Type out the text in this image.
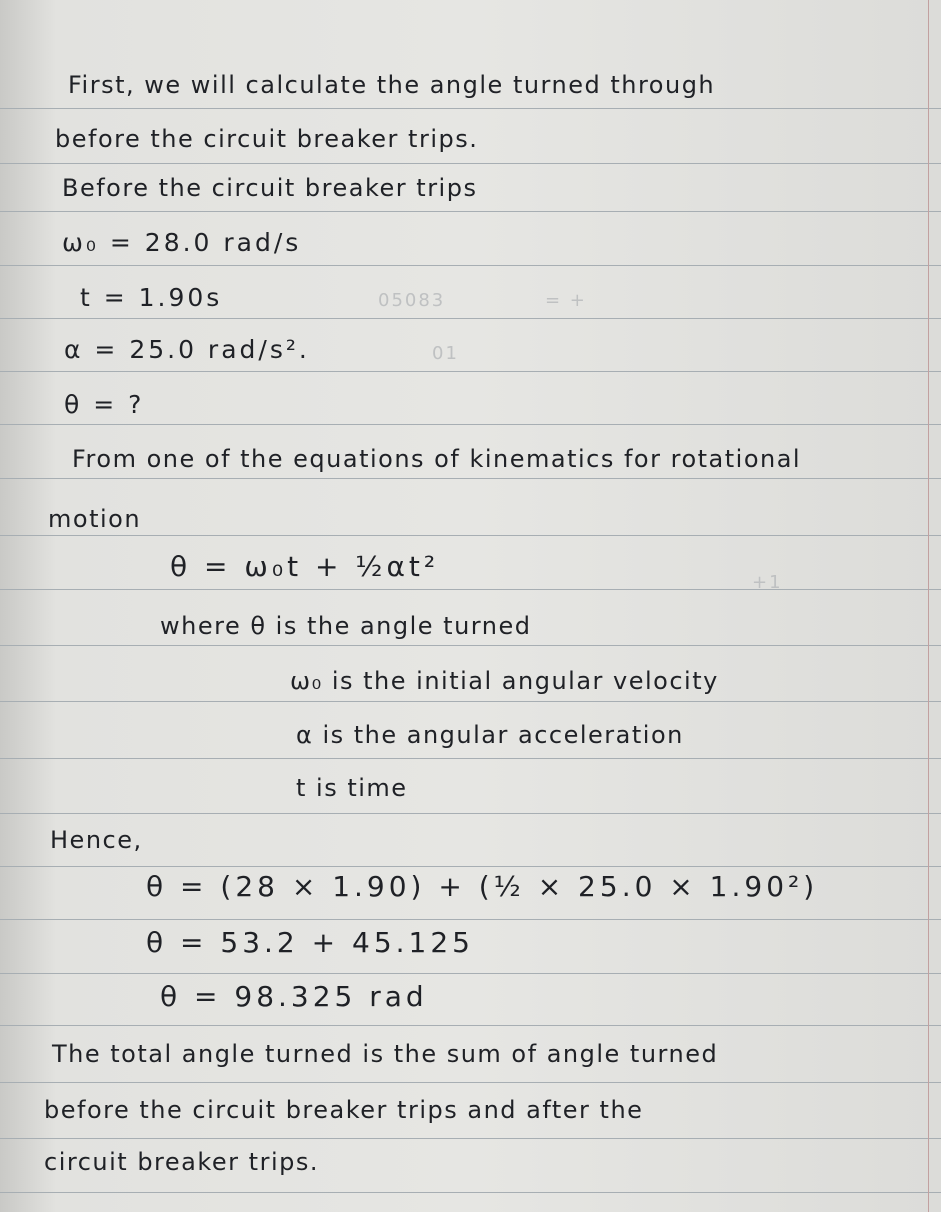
05083	= +
01
+1

First, we will calculate the angle turned through

before the circuit breaker trips.

Before the circuit breaker trips

ω₀ = 28.0 rad/s

t = 1.90s

α = 25.0 rad/s².

θ = ?

From one of the equations of kinematics for rotational

motion

θ = ω₀t + ½αt²

where θ is the angle turned

ω₀ is the initial angular velocity

α is the angular acceleration

t is time

Hence,

θ = (28 × 1.90) + (½ × 25.0 × 1.90²)

θ = 53.2 + 45.125

θ = 98.325 rad

The total angle turned is the sum of angle turned

before the circuit breaker trips and after the

circuit breaker trips.
